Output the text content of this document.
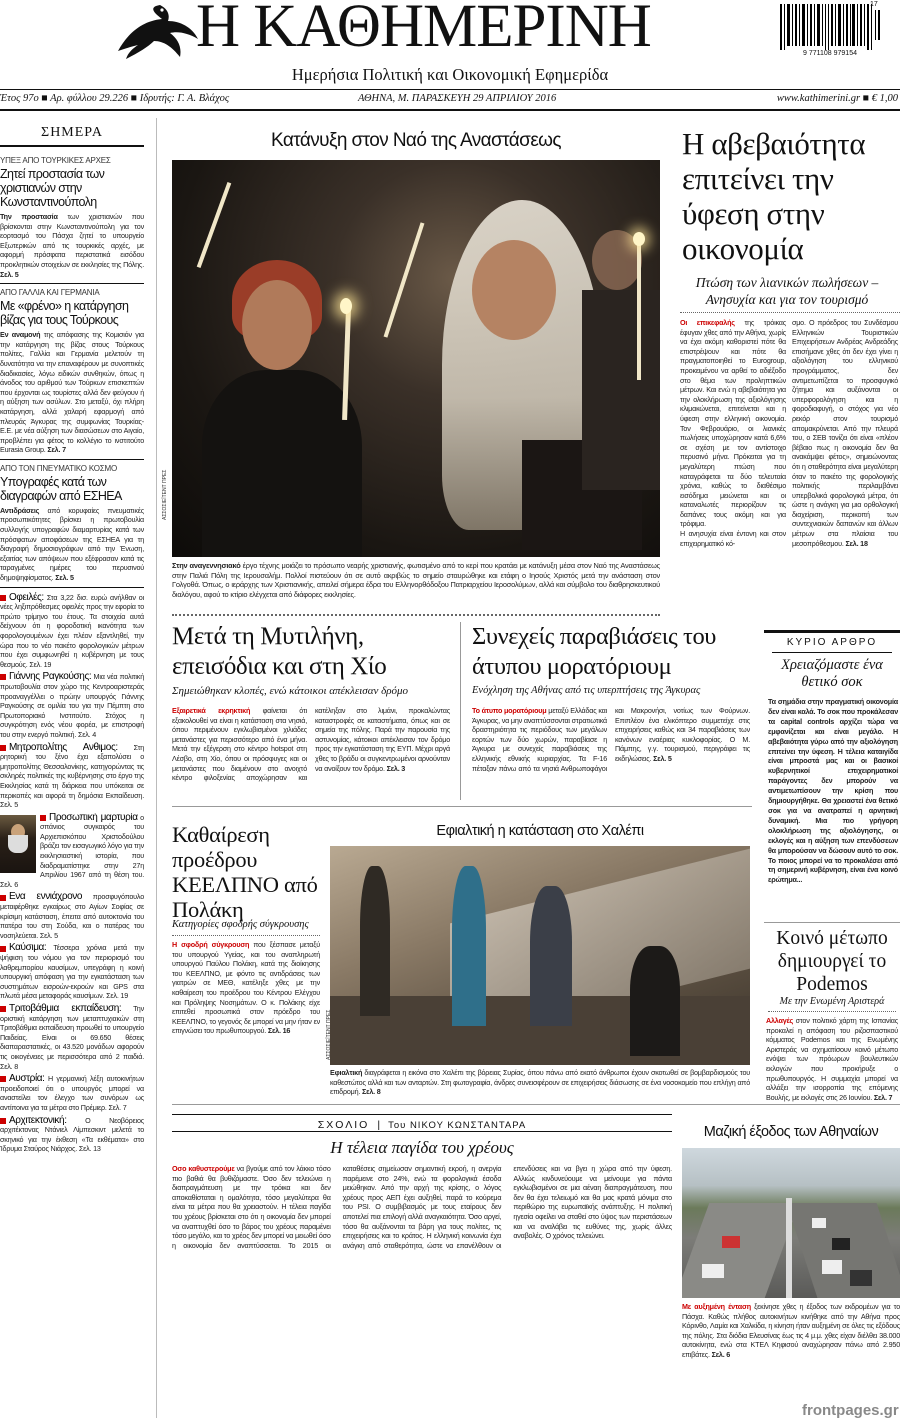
Η ΚΑΘΗΜΕΡΙΝΗ
Ημερήσια Πολιτική και Οικονομική Εφημερίδα
17
9 771108 979154
Έτος 97ο ■ Αρ. φύλλου 29.226 ■ Ιδρυτής: Γ. Α. Βλάχος	ΑΘΗΝΑ, Μ. ΠΑΡΑΣΚΕΥΗ 29 ΑΠΡΙΛΙΟΥ 2016	www.kathimerini.gr ■ € 1,00
ΣΗΜΕΡΑ
ΥΠΕΞ ΑΠΟ ΤΟΥΡΚΙΚΕΣ ΑΡΧΕΣ
Ζητεί προστασία των χριστιανών στην Κωνσταντινούπολη
Την προστασία των χριστιανών που βρίσκονται στην Κωνσταντινούπολη για τον εορτασμό του Πάσχα ζητεί το υπουργείο Εξωτερικών από τις τουρκικές αρχές, με αφορμή πρόσφατα περιστατικά εισόδου προκλητικών στοιχείων σε εκκλησίες της Πόλης. Σελ. 5
ΑΠΟ ΓΑΛΛΙΑ ΚΑΙ ΓΕΡΜΑΝΙΑ
Με «φρένο» η κατάργηση βίζας για τους Τούρκους
Εν αναμονή της απόφασης της Κομισιόν για την κατάργηση της βίζας στους Τούρκους πολίτες, Γαλλία και Γερμανία μελετούν τη δυνατότητα να την επαναφέρουν με συνοπτικές διαδικασίες, λόγω ειδικών συνθηκών, όπως η άνοδος του αριθμού των Τούρκων επισκεπτών που έρχονται ως τουρίστες αλλά δεν φεύγουν ή η αύξηση των ασύλων. Στο μεταξύ, όχι πλήρη κατάργηση, αλλά χαλαρή εφαρμογή από πλευράς Άγκυρας της συμφωνίας Τουρκίας-Ε.Ε. με νέα αύξηση των διασώσεων στο Αιγαίο, προβλέπει για φέτος το κολλέγιο το ινστιτούτο Eurasia Group. Σελ. 7
ΑΠΟ ΤΟΝ ΠΝΕΥΜΑΤΙΚΟ ΚΟΣΜΟ
Υπογραφές κατά των διαγραφών από ΕΣΗΕΑ
Αντιδράσεις από κορυφαίες πνευματικές προσωπικότητες βρίσκει η πρωτοβουλία συλλογής υπογραφών διαμαρτυρίας κατά των πρόσφατων αποφάσεων της ΕΣΗΕΑ για τη διαγραφή δημοσιογράφων από την Ένωση, εξαιτίας των απόψεων που εξέφρασαν κατά τις ταραγμένες ημέρες του περυσινού δημοψηφίσματος. Σελ. 5
Οφειλές: Στα 3,22 δισ. ευρώ ανήλθαν οι νέες ληξιπρόθεσμες οφειλές προς την εφορία το πρώτο τρίμηνο του έτους. Τα στοιχεία αυτά δείχνουν ότι η φοροδοτική ικανότητα των φορολογουμένων έχει πλέον εξαντληθεί, την ώρα που το νέο πακέτο φορολογικών μέτρων που έχει συμφωνηθεί η κυβέρνηση με τους θεσμούς. Σελ. 19
Γιάννης Ραγκούσης: Μια νέα πολιτική πρωτοβουλία στον χώρο της Κεντροαριστεράς προαναγγέλλει ο πρώην υπουργός Γιάννης Ραγκούσης σε ομιλία του για την Πέμπτη στο Πρωτοποριακό Ινστιτούτο. Στόχος η συγκρότηση ενός νέου φορέα, με επιστροφή του στην ενεργό πολιτική. Σελ. 4
Μητροπολίτης Ανθιμος: Στη ρητορική του ξένο έχει εξαπολύσει ο μητροπολίτης Θεσσαλονίκης, κατηγορώντας τις σκληρές πολιτικές της κυβέρνησης στο έργο της Εκκλησίας κατά τη διάρκεια που υπόκειται σε περικοπές και αφορά τη δημόσια Εκπαίδευση. Σελ. 5
Προσωπική μαρτυρία ο σπάνιος συγκαιρός του Αρχιεπισκόπου Χριστοδούλου βράζει τον εισαγωγικό λόγο για την εκκλησιαστική ιστορία, που διαδραματίστηκε στην 27η Απριλίου 1967 από τη θέση του. Σελ. 6
Ενα εννιάχρονο προσφυγόπουλο μεταφέρθηκε εγκαίρως στο Αγίων Σοφίας σε κρίσιμη κατάσταση, έπειτα από αυτοκτονία του πατέρα του στη Σούδα, και ο πατέρας του νοσηλεύεται. Σελ. 5
Καύσιμα: Τέσσερα χρόνια μετά την ψήφιση του νόμου για τον περιορισμό του λαθρεμπορίου καυσίμων, υπεγράφη η κοινή υπουργική απόφαση για την εγκατάσταση των συστημάτων εισροών-εκροών και GPS στα πλωτά μέσα μεταφοράς καυσίμων. Σελ. 19
Τριτοβάθμια εκπαίδευση: Την οριστική κατάργηση των μεταπτυχιακών στη Τριτοβάθμια εκπαίδευση προωθεί το υπουργείο Παιδείας. Είναι οι 69.650 θέσεις διαπαραστατικές, οι 43.520 μονάδων αφορούν τις οικογένειες με περισσότερα από 2 παιδιά. Σελ. 8
Αυστρία: Η γερμανική λέξη αυτοκινήτων προειδοποιεί ότι ο υπουργός μπορεί να αναστείλει τον έλεγχο των συνόρων ως αντίποινα για τα μέτρα στο Πρέμιερ. Σελ. 7
Αρχιτεκτονική: Ο Νεοβόρειος αρχιτέκτονας Ντάνιελ Λίμπεσκιντ μελετά το σκηνικό για την έκθεση «Τα εκθέματα» στο Ίδρυμα Σταύρος Νιάρχος. Σελ. 13
Κατάνυξη στον Ναό της Αναστάσεως
ΑΣΣΟΣΙΕΪΤΕΝΤ ΠΡΕΣ
Στην αναγεννησιακό έργο τέχνης μοιάζει το πρόσωπο νεαρής χριστιανής, φωτισμένο από το κερί που κρατάει με κατάνυξη μέσα στον Ναό της Αναστάσεως στην Παλιά Πόλη της Ιερουσαλήμ. Πολλοί πιστεύουν ότι σε αυτό ακριβώς το σημείο σταυρώθηκε και ετάφη ο Ιησούς Χριστός μετά την ανάσταση στον Γολγοθά. Όπως, ο ιεράρχης των Χριστιανικής, απειλεί σήμερα έδρα του Ελληνορθόδοξου Πατριαρχείου Ιεροσολύμων, αλλά και σύμβολο του διαθρησκευτικού διαλόγου, αφού το κτίριο ελέγχεται από διάφορες εκκλησίες.
Η αβεβαιότητα επιτείνει την ύφεση στην οικονομία
Πτώση των λιανικών πωλήσεων – Ανησυχία και για τον τουρισμό
Οι επικεφαλής της τρόικας έφυγαν χθες από την Αθήνα, χωρίς να έχει ακόμη καθοριστεί πότε θα επιστρέψουν και πότε θα πραγματοποιηθεί το Eurogroup, προκειμένου να αρθεί το αδιέξοδο στο θέμα των προληπτικών μέτρων. Και ενώ η αβεβαιότητα για την ολοκλήρωση της αξιολόγησης κλιμακώνεται, επιτείνεται και η ύφεση στην ελληνική οικονομία. Τον Φεβρουάριο, οι λιανικές πωλήσεις υποχώρησαν κατά 6,6% σε σχέση με τον αντίστοιχο περυσινό μήνα. Πρόκειται για τη μεγαλύτερη πτώση που καταγράφεται τα δύο τελευταία χρόνια, καθώς το διαθέσιμο εισόδημα μειώνεται και οι καταναλωτές περιορίζουν τις δαπάνες τους ακόμη και για τρόφιμα.
Η ανησυχία είναι έντονη και στον επιχειρηματικό κό-
σμο. Ο πρόεδρος του Συνδέσμου Ελληνικών Τουριστικών Επιχειρήσεων Ανδρέας Ανδρεάδης επισήμανε χθες ότι δεν έχει γίνει η αξιολόγηση του ελληνικού προγράμματος, δεν αντιμετωπίζεται το προσφυγικό ζήτημα και αυξάνονται οι υπερφορολόγηση και η φοροδιαφυγή, ο στόχος για νέο ρεκόρ στον τουρισμό απομακρύνεται. Από την πλευρά του, ο ΣΕΒ τονίζει ότι είναι «πλέον βέβαιο πως η οικονομία δεν θα ανακάμψει φέτος», σημειώνοντας ότι η σταθερότητα είναι μεγαλύτερη όταν το πακέτο της φορολογικής πολιτικής περιλαμβάνει υπερβολικά φορολογικά μέτρα, ότι ώστε η ανάγκη για μια ορθολογική διαχείριση, περικοπή των συντεχνιακών δαπανών και άλλων μέτρων στα πλαίσια του μεσοπρόθεσμου. Σελ. 18
ΚΥΡΙΟ ΑΡΘΡΟ
Χρειαζόμαστε ένα θετικό σοκ
Τα σημάδια στην πραγματική οικονομία δεν είναι καλά. Το σοκ που προκάλεσαν τα capital controls αρχίζει τώρα να εμφανίζεται και είναι μεγάλο. Η αβεβαιότητα γύρω από την αξιολόγηση επιτείνει την ύφεση. Η τέλεια καταιγίδα είναι μπροστά μας και οι βασικοί κυβερνητικοί επιχειρηματικοί παράγοντες δεν μπορούν να αντιμετωπίσουν την κρίση που δημιουργήθηκε. Θα χρειαστεί ένα θετικό σοκ για να ανατραπεί η αρνητική δυναμική. Μια πιο γρήγορη ολοκλήρωση της αξιολόγησης, οι εκλογές και η αύξηση των επενδύσεων θα μπορούσαν να δώσουν αυτό το σοκ. Το ποιος μπορεί να το προκαλέσει από τη σημερινή κυβέρνηση, είναι ένα κοινό ερώτημα...
Μετά τη Μυτιλήνη, επεισόδια και στη Χίο
Σημειώθηκαν κλοπές, ενώ κάτοικοι απέκλεισαν δρόμο
Εξαιρετικά εκρηκτική φαίνεται ότι εξακολουθεί να είναι η κατάσταση στα νησιά, όπου περιμένουν εγκλωβισμένοι χιλιάδες μετανάστες για περισσότερο από ένα μήνα. Μετά την εξέγερση στο κέντρο hotspot στη Λέσβο, στη Χίο, όπου οι πρόσφυγες και οι μετανάστες που διαμένουν στο ανοιχτό κέντρο φιλοξενίας αποχώρησαν και κατέληξαν στο λιμάνι, προκαλώντας καταστροφές σε καταστήματα, όπως και σε σημεία της πόλης. Παρά την παρουσία της αστυνομίας, κάτοικοι απέκλεισαν τον δρόμο προς την εγκατάσταση της ΕΥΠ. Μέχρι αργά χθες το βράδυ οι συγκεντρωμένοι αρνούνταν να ανοίξουν τον δρόμο. Σελ. 3
Συνεχείς παραβιάσεις του άτυπου μορατόριουμ
Ενόχληση της Αθήνας από τις υπερπτήσεις της Άγκυρας
Το άτυπο μορατόριουμ μεταξύ Ελλάδας και Άγκυρας, να μην αναπτύσσονται στρατιωτικά δραστηριότητα τις περιόδους των μεγάλων εορτών των δύο χωρών, παραβίασε η Άγκυρα με συνεχείς παραβιάσεις της ελληνικής εθνικής κυριαρχίας. Τα F-16 πέταξαν πάνω από τα νησιά Ανθρωποφάγοι και Μακρονήσι, νοτίως των Φούρνων. Επιπλέον ένα ελικόπτερο συμμετείχε στις επιχειρήσεις καθώς και 34 παραβιάσεις των κανόνων εναέριας κυκλοφορίας. Ο Μ. Πάμπης, γ.γ. τουρισμού, περιγράφει τις εκδηλώσεις. Σελ. 5
Καθαίρεση προέδρου ΚΕΕΛΠΝΟ από Πολάκη
Κατηγορίες σφοδρής σύγκρουσης
Η σφοδρή σύγκρουση που ξέσπασε μεταξύ του υπουργού Υγείας, και του αναπληρωτή υπουργού Παύλου Πολάκη, κατά της διοίκησης του ΚΕΕΛΠΝΟ, με φόντο τις αντιδράσεις των γιατρών σε ΜΕΘ, κατέληξε χθες με την καθαίρεση του προέδρου του Κέντρου Ελέγχου και Πρόληψης Νοσημάτων. Ο κ. Πολάκης είχε επιτεθεί προσωπικά στον πρόεδρο του ΚΕΕΛΠΝΟ, το γεγονός δε μπορεί να μην ήταν εν επιγνώσει του πρωθυπουργού. Σελ. 16
Εφιαλτική η κατάσταση στο Χαλέπι
ΑΣΣΟΣΙΕΪΤΕΝΤ ΠΡΕΣ
Εφιαλτική διαγράφεται η εικόνα στο Χαλέπι της βόρειας Συρίας, όπου πάνω από εκατό άνθρωποι έχουν σκοτωθεί σε βομβαρδισμούς του καθεστώτος αλλά και των ανταρτών. Στη φωτογραφία, άνδρες συνεισφέρουν σε επιχειρήσεις διάσωσης σε ένα νοσοκομείο που επλήγη από επιδρομή. Σελ. 8
Κοινό μέτωπο δημιουργεί το Podemos
Με την Ενωμένη Αριστερά
Αλλαγές στον πολιτικό χάρτη της Ισπανίας προκαλεί η απόφαση του ριζοσπαστικού κόμματος Podemos και της Ενωμένης Αριστεράς να σχηματίσουν κοινό μέτωπο ενόψει των πρόωρων βουλευτικών εκλογών που προκήρυξε ο πρωθυπουργός. Η συμμαχία μπορεί να αλλάξει την ισορροπία της επόμενης Βουλής, με εκλογές στις 26 Ιουνίου. Σελ. 7
ΣΧΟΛΙΟ | Του ΝΙΚΟΥ ΚΩΝΣΤΑΝΤΑΡΑ
Η τέλεια παγίδα του χρέους
Οσο καθυστερούμε να βγούμε από τον λάκκο τόσο πιο βαθιά θα βυθιζόμαστε. Όσο δεν τελειώνει η διαπραγμάτευση με την τρόικα και δεν αποκαθίσταται η ομαλότητα, τόσο μεγαλύτερα θα είναι τα μέτρα που θα χρειαστούν. Η τέλεια παγίδα του χρέους βρίσκεται στο ότι η οικονομία δεν μπορεί να αναπτυχθεί όσο το βάρος του χρέους παραμένει τόσο μεγάλο, και το χρέος δεν μπορεί να μειωθεί όσο η οικονομία δεν αναπτύσσεται. Το 2015 οι καταθέσεις σημείωσαν σημαντική εκροή, η ανεργία παρέμεινε στο 24%, ενώ τα φορολογικά έσοδα μειώθηκαν. Από την αρχή της κρίσης, ο λόγος χρέους προς ΑΕΠ έχει αυξηθεί, παρά το κούρεμα του PSI. Ο συμβιβασμός με τους εταίρους δεν αποτελεί πια επιλογή αλλά αναγκαιότητα. Όσο αργεί, τόσο θα αυξάνονται τα βάρη για τους πολίτες, τις επιχειρήσεις και το κράτος. Η ελληνική κοινωνία έχει ανάγκη από σταθερότητα, ώστε να επανέλθουν οι επενδύσεις και να βγει η χώρα από την ύφεση. Αλλιώς κινδυνεύουμε να μείνουμε για πάντα εγκλωβισμένοι σε μια αέναη διαπραγμάτευση, που δεν θα έχει τελειωμό και θα μας κρατά μόνιμα στο περιθώριο της ευρωπαϊκής ανάπτυξης. Η πολιτική ηγεσία οφείλει να σταθεί στο ύψος των περιστάσεων και να αναλάβει τις ευθύνες της, χωρίς άλλες αναβολές. Ο χρόνος τελειώνει.
Μαζική έξοδος των Αθηναίων
Με αυξημένη ένταση ξεκίνησε χθες η έξοδος των εκδρομέων για το Πάσχα. Καθώς πλήθος αυτοκινήτων κινήθηκε από την Αθήνα προς Κόρινθο, Λαμία και Χαλκίδα, η κίνηση ήταν αυξημένη σε όλες τις εξόδους της πόλης. Στα διόδια Ελευσίνας έως τις 4 μ.μ. χθες είχαν διέλθει 38.000 αυτοκίνητα, ενώ στα ΚΤΕΛ Κηφισού αναχώρησαν πάνω από 2.950 επιβάτες. Σελ. 6
frontpages.gr
